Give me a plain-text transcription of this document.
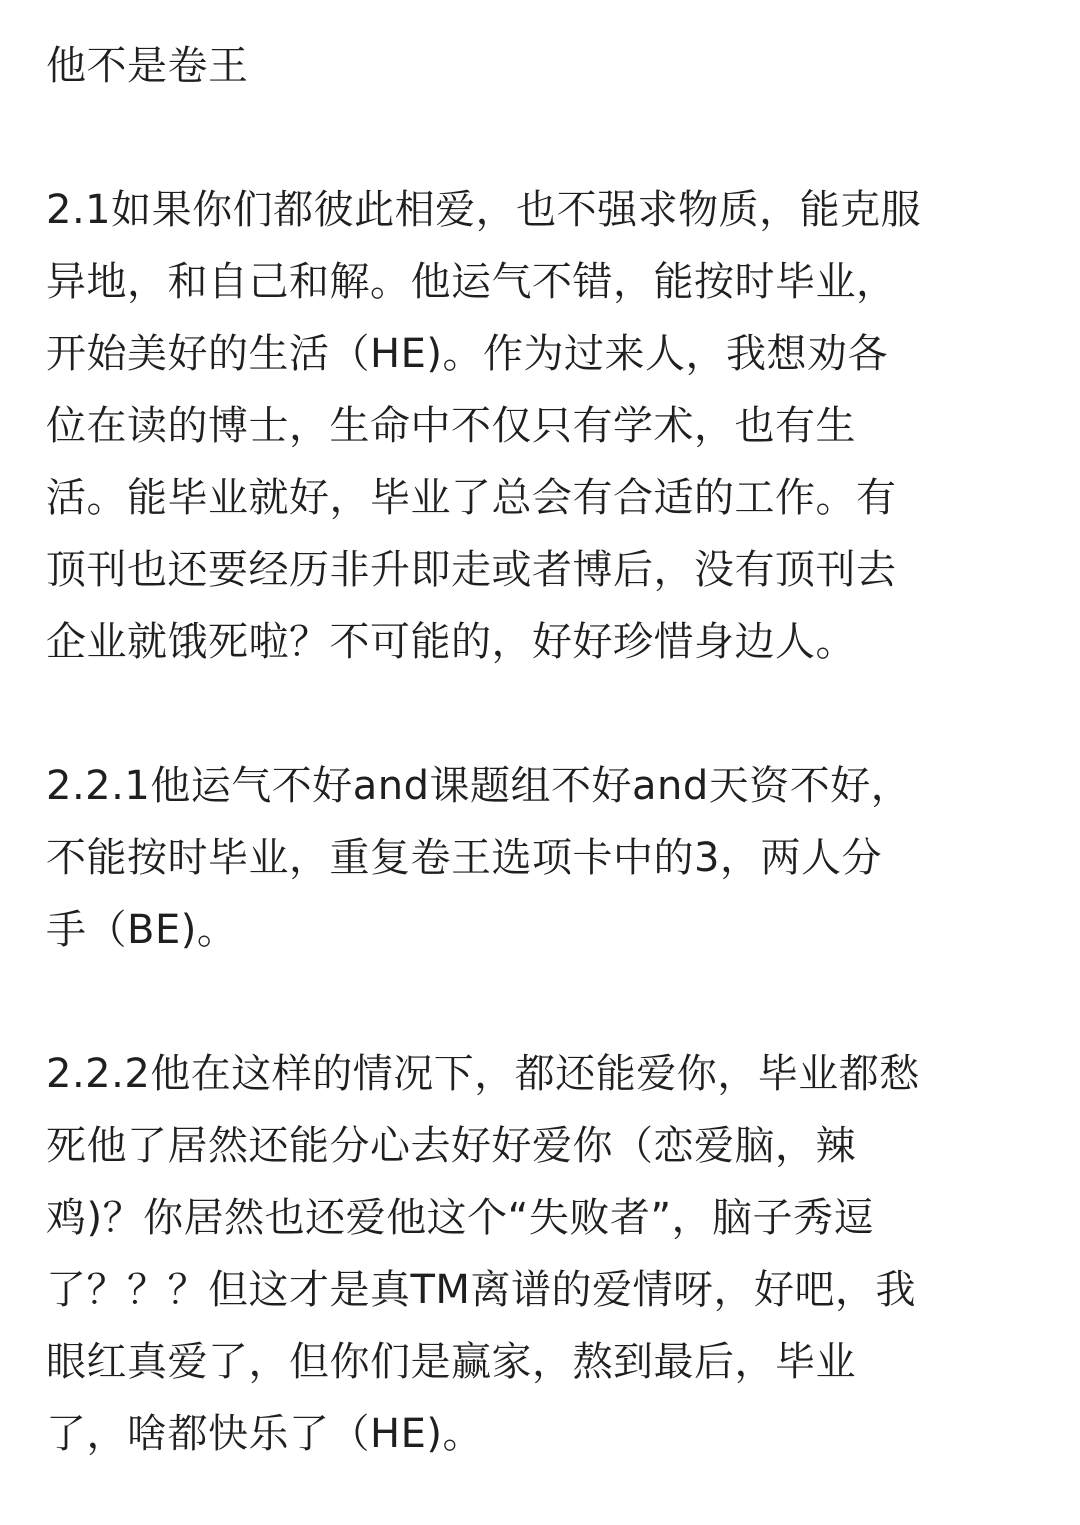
他不是卷王
2.1如果你们都彼此相爱，也不强求物质，能克服
异地，和自己和解。他运气不错，能按时毕业，
开始美好的生活（HE)。作为过来人，我想劝各
位在读的博士，生命中不仅只有学术，也有生
活。能毕业就好，毕业了总会有合适的工作。有
顶刊也还要经历非升即走或者博后，没有顶刊去
企业就饿死啦？不可能的，好好珍惜身边人。
2.2.1他运气不好and课题组不好and天资不好，
不能按时毕业，重复卷王选项卡中的3，两人分
手（BE)。
2.2.2他在这样的情况下，都还能爱你，毕业都愁
死他了居然还能分心去好好爱你（恋爱脑，辣
鸡)？你居然也还爱他这个“失败者”，脑子秀逗
了？？？但这才是真TM离谱的爱情呀，好吧，我
眼红真爱了，但你们是赢家，熬到最后，毕业
了，啥都快乐了（HE)。
